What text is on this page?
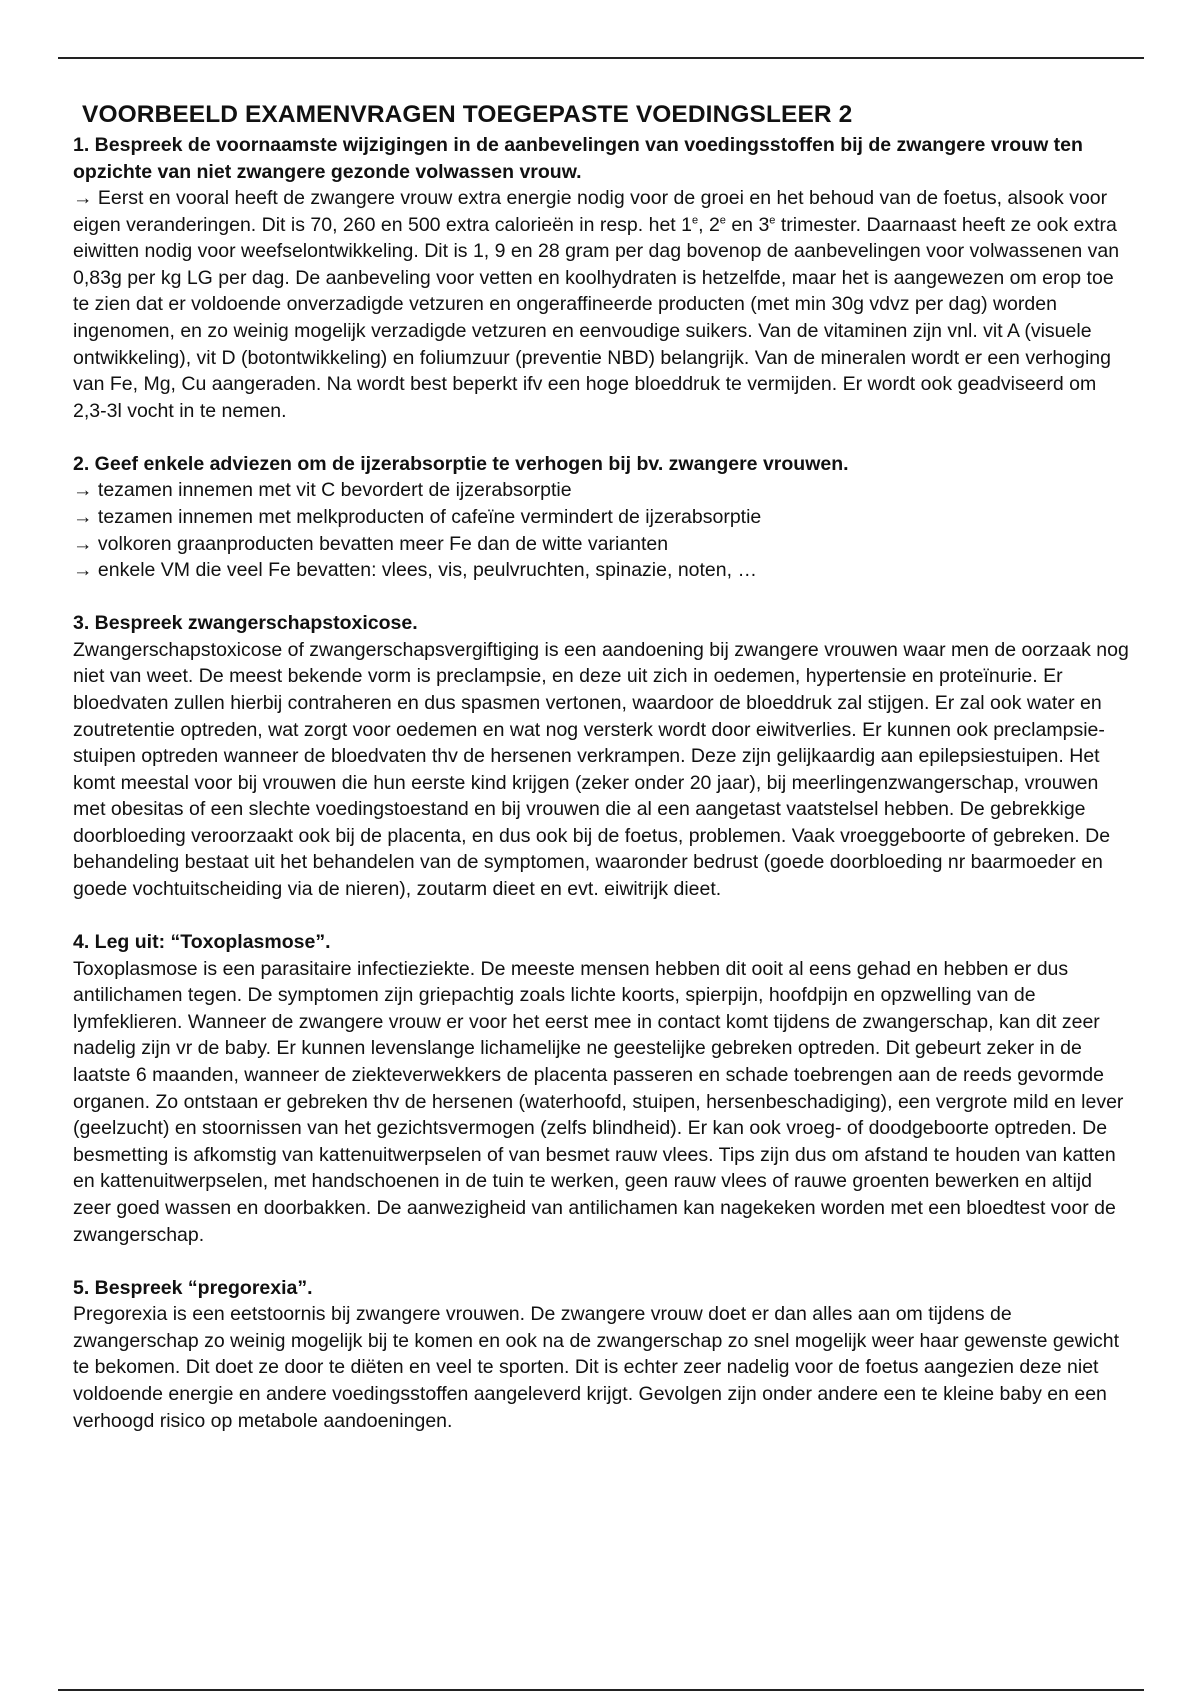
VOORBEELD EXAMENVRAGEN TOEGEPASTE VOEDINGSLEER 2

1. Bespreek de voornaamste wijzigingen in de aanbevelingen van voedingsstoffen bij de zwangere vrouw ten opzichte van niet zwangere gezonde volwassen vrouw.

→ Eerst en vooral heeft de zwangere vrouw extra energie nodig voor de groei en het behoud van de foetus, alsook voor eigen veranderingen. Dit is 70, 260 en 500 extra calorieën in resp. het 1e, 2e en 3e trimester. Daarnaast heeft ze ook extra eiwitten nodig voor weefselontwikkeling. Dit is 1, 9 en 28 gram per dag bovenop de aanbevelingen voor volwassenen van 0,83g per kg LG per dag. De aanbeveling voor vetten en koolhydraten is hetzelfde, maar het is aangewezen om erop toe te zien dat er voldoende onverzadigde vetzuren en ongeraffineerde producten (met min 30g vdvz per dag) worden ingenomen, en zo weinig mogelijk verzadigde vetzuren en eenvoudige suikers. Van de vitaminen zijn vnl. vit A (visuele ontwikkeling), vit D (botontwikkeling) en foliumzuur (preventie NBD) belangrijk. Van de mineralen wordt er een verhoging van Fe, Mg, Cu aangeraden. Na wordt best beperkt ifv een hoge bloeddruk te vermijden. Er wordt ook geadviseerd om 2,3-3l vocht in te nemen.

2. Geef enkele adviezen om de ijzerabsorptie te verhogen bij bv. zwangere vrouwen.

→ tezamen innemen met vit C bevordert de ijzerabsorptie
→ tezamen innemen met melkproducten of cafeïne vermindert de ijzerabsorptie
→ volkoren graanproducten bevatten meer Fe dan de witte varianten
→ enkele VM die veel Fe bevatten: vlees, vis, peulvruchten, spinazie, noten, …

3. Bespreek zwangerschapstoxicose.

Zwangerschapstoxicose of zwangerschapsvergiftiging is een aandoening bij zwangere vrouwen waar men de oorzaak nog niet van weet. De meest bekende vorm is preclampsie, en deze uit zich in oedemen, hypertensie en proteïnurie. Er bloedvaten zullen hierbij contraheren en dus spasmen vertonen, waardoor de bloeddruk zal stijgen. Er zal ook water en zoutretentie optreden, wat zorgt voor oedemen en wat nog versterk wordt door eiwitverlies. Er kunnen ook preclampsie-stuipen optreden wanneer de bloedvaten thv de hersenen verkrampen. Deze zijn gelijkaardig aan epilepsiestuipen. Het komt meestal voor bij vrouwen die hun eerste kind krijgen (zeker onder 20 jaar), bij meerlingenzwangerschap, vrouwen met obesitas of een slechte voedingstoestand en bij vrouwen die al een aangetast vaatstelsel hebben. De gebrekkige doorbloeding veroorzaakt ook bij de placenta, en dus ook bij de foetus, problemen. Vaak vroeggeboorte of gebreken. De behandeling bestaat uit het behandelen van de symptomen, waaronder bedrust (goede doorbloeding nr baarmoeder en goede vochtuitscheiding via de nieren), zoutarm dieet en evt. eiwitrijk dieet.

4. Leg uit: “Toxoplasmose”.

Toxoplasmose is een parasitaire infectieziekte. De meeste mensen hebben dit ooit al eens gehad en hebben er dus antilichamen tegen. De symptomen zijn griepachtig zoals lichte koorts, spierpijn, hoofdpijn en opzwelling van de lymfeklieren. Wanneer de zwangere vrouw er voor het eerst mee in contact komt tijdens de zwangerschap, kan dit zeer nadelig zijn vr de baby. Er kunnen levenslange lichamelijke ne geestelijke gebreken optreden. Dit gebeurt zeker in de laatste 6 maanden, wanneer de ziekteverwekkers de placenta passeren en schade toebrengen aan de reeds gevormde organen. Zo ontstaan er gebreken thv de hersenen (waterhoofd, stuipen, hersenbeschadiging), een vergrote mild en lever (geelzucht) en stoornissen van het gezichtsvermogen (zelfs blindheid). Er kan ook vroeg- of doodgeboorte optreden. De besmetting is afkomstig van kattenuitwerpselen of van besmet rauw vlees. Tips zijn dus om afstand te houden van katten en kattenuitwerpselen, met handschoenen in de tuin te werken, geen rauw vlees of rauwe groenten bewerken en altijd zeer goed wassen en doorbakken. De aanwezigheid van antilichamen kan nagekeken worden met een bloedtest voor de zwangerschap.

5. Bespreek “pregorexia”.

Pregorexia is een eetstoornis bij zwangere vrouwen. De zwangere vrouw doet er dan alles aan om tijdens de zwangerschap zo weinig mogelijk bij te komen en ook na de zwangerschap zo snel mogelijk weer haar gewenste gewicht te bekomen. Dit doet ze door te diëten en veel te sporten. Dit is echter zeer nadelig voor de foetus aangezien deze niet voldoende energie en andere voedingsstoffen aangeleverd krijgt. Gevolgen zijn onder andere een te kleine baby en een verhoogd risico op metabole aandoeningen.
